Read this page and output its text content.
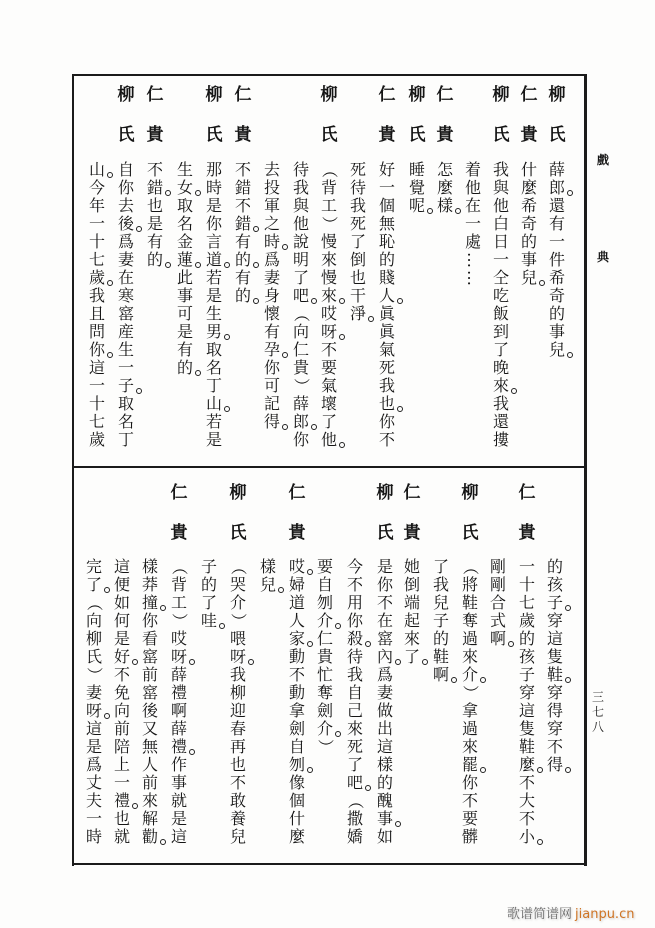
戲
典
三
七
八
柳
氏
薛
郎
還
有
一
件
希
奇
的
事
兒
仁
貴
什
麼
希
奇
的
事
兒
柳
氏
我
與
他
白
日
一
仝
吃
飯
到
了
晚
來
我
還
摟
着
他
在
一
處
…
…
仁
貴
怎
麼
樣
柳
氏
睡
覺
呢
仁
貴
好
一
個
無
恥
的
賤
人
眞
眞
氣
死
我
也
你
不
死
待
我
死
了
倒
也
干
淨
柳
氏
（
背
工
）
慢
來
慢
來
哎
呀
不
要
氣
壞
了
他
待
我
與
他
說
明
了
吧
（
向
仁
貴
）
薛
郎
你
去
投
軍
之
時
爲
妻
身
懷
有
孕
你
可
記
得
仁
貴
不
錯
不
錯
有
的
有
的
柳
氏
那
時
是
你
言
道
若
是
生
男
取
名
丁
山
若
是
生
女
取
名
金
蓮
此
事
可
是
有
的
仁
貴
不
錯
也
是
有
的
柳
氏
自
你
去
後
爲
妻
在
寒
窰
産
生
一
子
取
名
丁
山
今
年
一
十
七
歲
我
且
問
你
這
一
十
七
歲
的
孩
子
穿
這
隻
鞋
穿
得
穿
不
得
仁
貴
一
十
七
歲
的
孩
子
穿
這
隻
鞋
麼
不
大
不
小
剛
剛
合
式
啊
柳
氏
（
將
鞋
奪
過
來
介
）
拿
過
來
罷
你
不
要
髒
了
我
兒
子
的
鞋
啊
仁
貴
她
倒
端
起
來
了
柳
氏
是
你
不
在
窰
內
爲
妻
做
出
這
樣
的
醜
事
如
今
不
用
你
殺
待
我
自
己
來
死
了
吧
（
撒
嬌
要
自
刎
介
仁
貴
忙
奪
劍
介
）
仁
貴
哎
婦
道
人
家
動
不
動
拿
劍
自
刎
像
個
什
麼
樣
兒
柳
氏
（
哭
介
）
喂
呀
我
柳
迎
春
再
也
不
敢
養
兒
子
的
了
哇
仁
貴
（
背
工
）
哎
呀
薛
禮
啊
薛
禮
作
事
就
是
這
樣
莽
撞
你
看
窰
前
窰
後
又
無
人
前
來
解
勸
這
便
如
何
是
好
不
免
向
前
陪
上
一
禮
也
就
完
了
（
向
柳
氏
）
妻
呀
這
是
爲
丈
夫
一
時
歌谱简谱网 jianpu.cn
